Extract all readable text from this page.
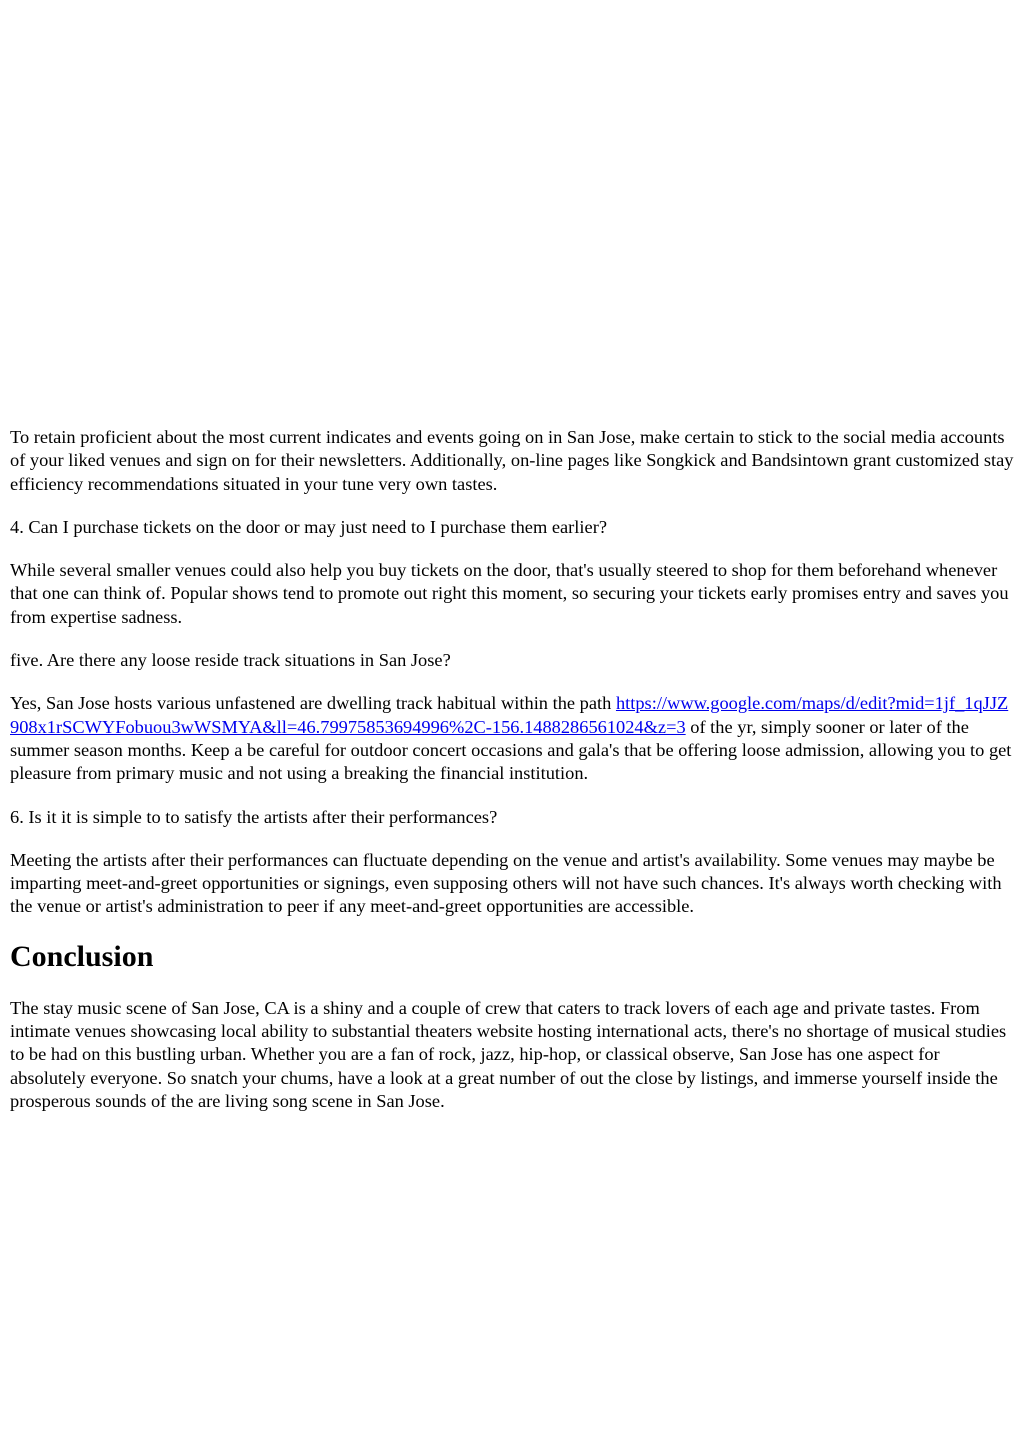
To retain proficient about the most current indicates and events going on in San Jose, make certain to stick to the social media accounts of your liked venues and sign on for their newsletters. Additionally, on-line pages like Songkick and Bandsintown grant customized stay efficiency recommendations situated in your tune very own tastes.

4. Can I purchase tickets on the door or may just need to I purchase them earlier?

While several smaller venues could also help you buy tickets on the door, that's usually steered to shop for them beforehand whenever that one can think of. Popular shows tend to promote out right this moment, so securing your tickets early promises entry and saves you from expertise sadness.

five. Are there any loose reside track situations in San Jose?

Yes, San Jose hosts various unfastened are dwelling track habitual within the path https://www.google.com/maps/d/edit?mid=1jf_1qJJZ908x1rSCWYFobuou3wWSMYA&ll=46.79975853694996%2C-156.1488286561024&z=3 of the yr, simply sooner or later of the summer season months. Keep a be careful for outdoor concert occasions and gala's that be offering loose admission, allowing you to get pleasure from primary music and not using a breaking the financial institution.

6. Is it it is simple to to satisfy the artists after their performances?

Meeting the artists after their performances can fluctuate depending on the venue and artist's availability. Some venues may maybe be imparting meet-and-greet opportunities or signings, even supposing others will not have such chances. It's always worth checking with the venue or artist's administration to peer if any meet-and-greet opportunities are accessible.

Conclusion

The stay music scene of San Jose, CA is a shiny and a couple of crew that caters to track lovers of each age and private tastes. From intimate venues showcasing local ability to substantial theaters website hosting international acts, there's no shortage of musical studies to be had on this bustling urban. Whether you are a fan of rock, jazz, hip-hop, or classical observe, San Jose has one aspect for absolutely everyone. So snatch your chums, have a look at a great number of out the close by listings, and immerse yourself inside the prosperous sounds of the are living song scene in San Jose.
